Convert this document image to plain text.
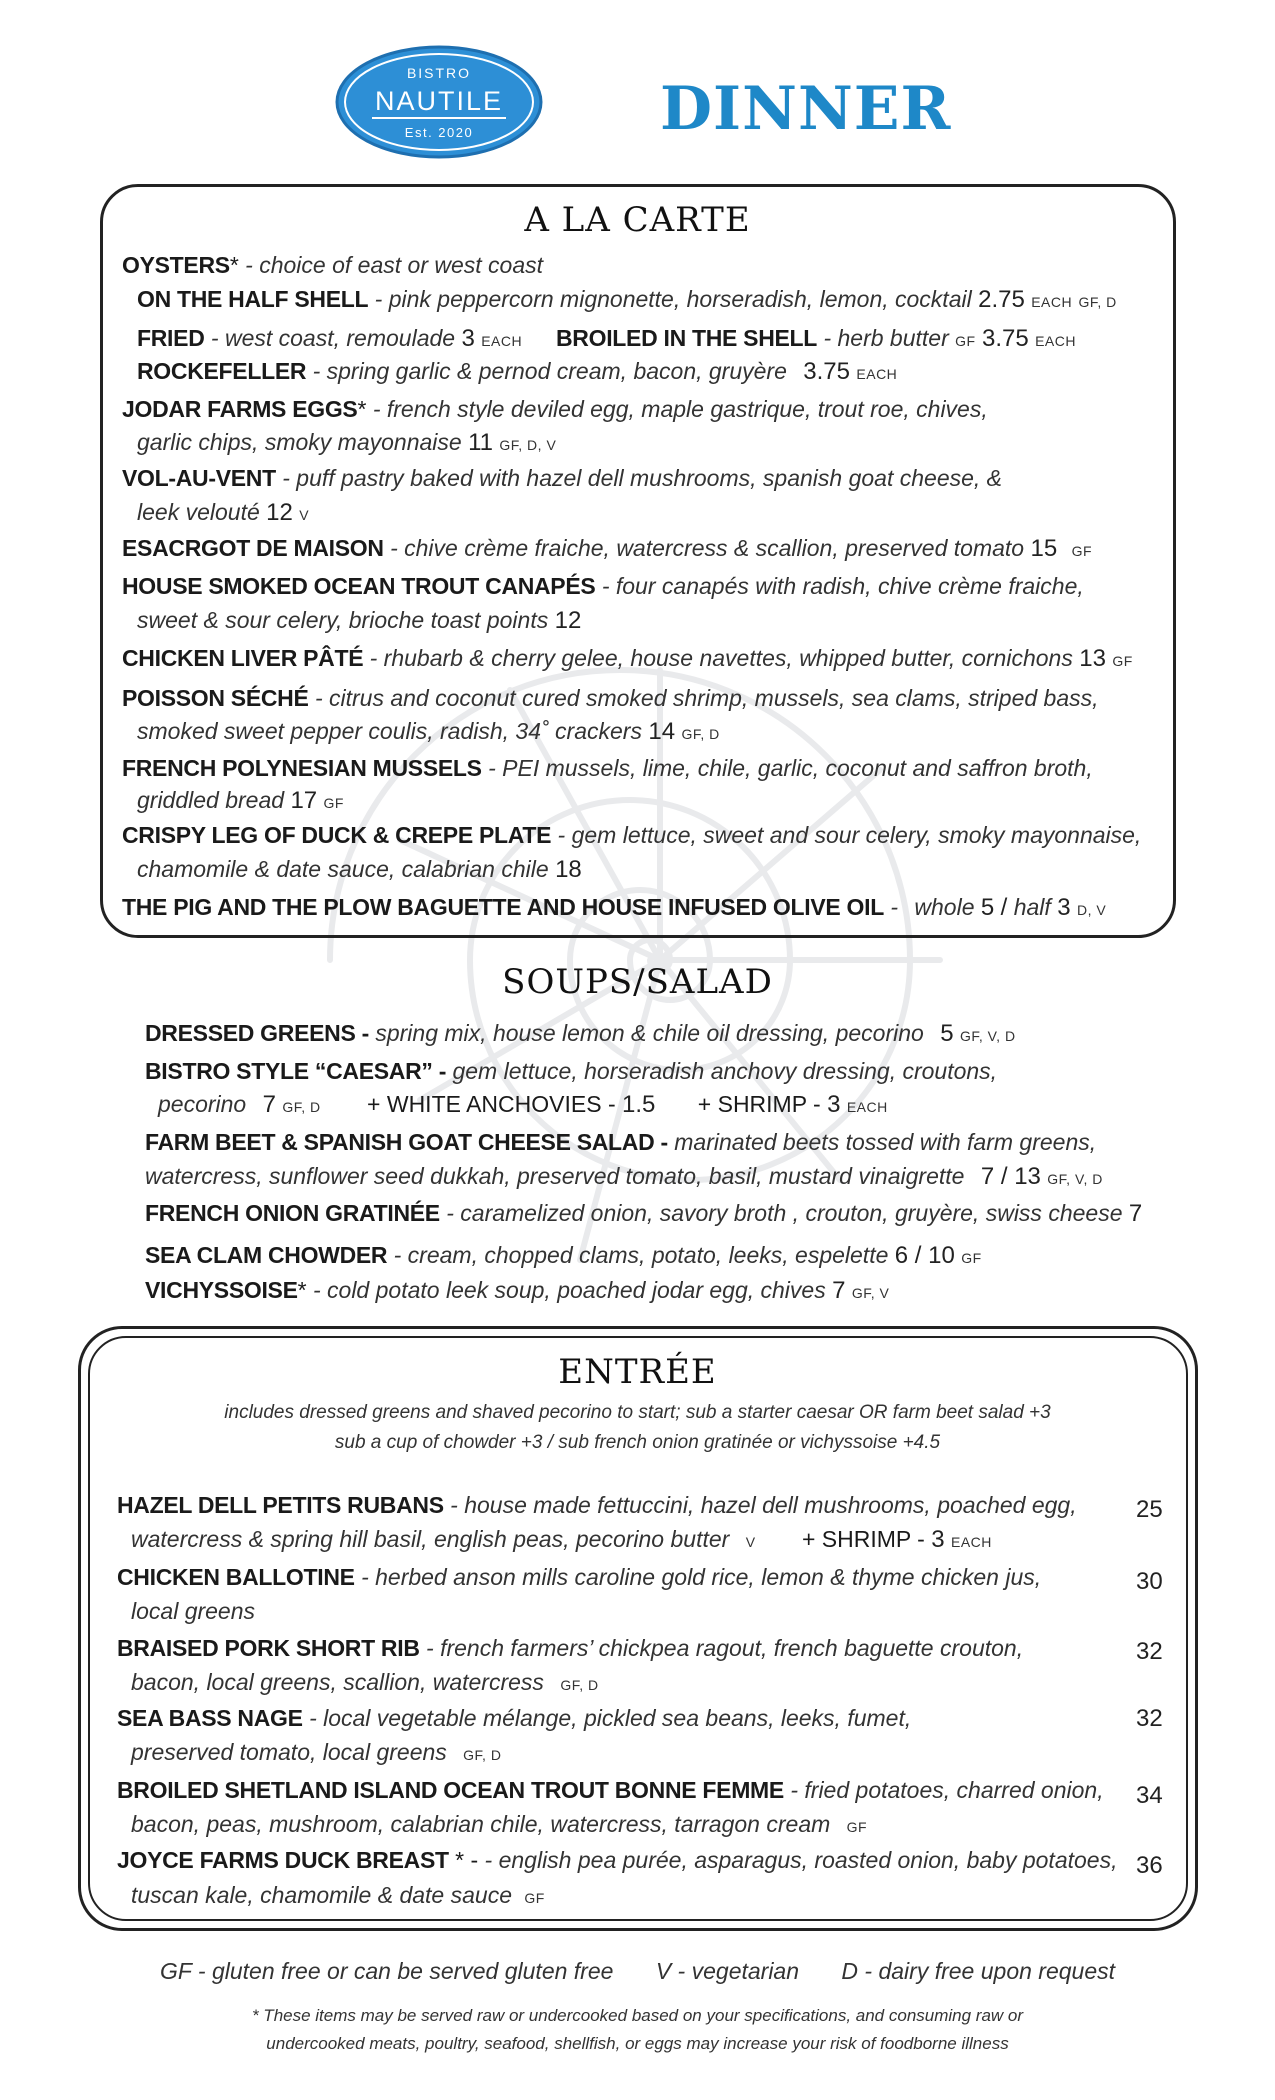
BISTRO
NAUTILE
Est. 2020	DINNER
A LA CARTE
OYSTERS* - choice of east or west coast
ON THE HALF SHELL - pink peppercorn mignonette, horseradish, lemon, cocktail 2.75 EACH GF, D
FRIED - west coast, remoulade 3 EACH BROILED IN THE SHELL - herb butter GF 3.75 EACH
ROCKEFELLER - spring garlic & pernod cream, bacon, gruyère 3.75 EACH
JODAR FARMS EGGS* - french style deviled egg, maple gastrique, trout roe, chives,
garlic chips, smoky mayonnaise 11 GF, D, V
VOL-AU-VENT - puff pastry baked with hazel dell mushrooms, spanish goat cheese, &
leek velouté 12 V
ESACRGOT DE MAISON - chive crème fraiche, watercress & scallion, preserved tomato 15 GF
HOUSE SMOKED OCEAN TROUT CANAPÉS - four canapés with radish, chive crème fraiche,
sweet & sour celery, brioche toast points 12
CHICKEN LIVER PÂTÉ - rhubarb & cherry gelee, house navettes, whipped butter, cornichons 13 GF
POISSON SÉCHÉ - citrus and coconut cured smoked shrimp, mussels, sea clams, striped bass,
smoked sweet pepper coulis, radish, 34˚ crackers 14 GF, D
FRENCH POLYNESIAN MUSSELS - PEI mussels, lime, chile, garlic, coconut and saffron broth,
griddled bread 17 GF
CRISPY LEG OF DUCK & CREPE PLATE - gem lettuce, sweet and sour celery, smoky mayonnaise,
chamomile & date sauce, calabrian chile 18
THE PIG AND THE PLOW BAGUETTE AND HOUSE INFUSED OLIVE OIL - whole 5 / half 3 D, V
SOUPS/SALAD
DRESSED GREENS - spring mix, house lemon & chile oil dressing, pecorino 5 GF, V, D
BISTRO STYLE “CAESAR” - gem lettuce, horseradish anchovy dressing, croutons,
pecorino 7 GF, D + WHITE ANCHOVIES - 1.5 + SHRIMP - 3 EACH
FARM BEET & SPANISH GOAT CHEESE SALAD - marinated beets tossed with farm greens,
watercress, sunflower seed dukkah, preserved tomato, basil, mustard vinaigrette 7 / 13 GF, V, D
FRENCH ONION GRATINÉE - caramelized onion, savory broth , crouton, gruyère, swiss cheese 7
SEA CLAM CHOWDER - cream, chopped clams, potato, leeks, espelette 6 / 10 GF
VICHYSSOISE* - cold potato leek soup, poached jodar egg, chives 7 GF, V
ENTRÉE
includes dressed greens and shaved pecorino to start; sub a starter caesar OR farm beet salad +3
sub a cup of chowder +3 / sub french onion gratinée or vichyssoise +4.5
HAZEL DELL PETITS RUBANS - house made fettuccini, hazel dell mushrooms, poached egg,
watercress & spring hill basil, english peas, pecorino butter V + SHRIMP - 3 EACH
25
CHICKEN BALLOTINE - herbed anson mills caroline gold rice, lemon & thyme chicken jus,
local greens
30
BRAISED PORK SHORT RIB - french farmers’ chickpea ragout, french baguette crouton,
bacon, local greens, scallion, watercress GF, D
32
SEA BASS NAGE - local vegetable mélange, pickled sea beans, leeks, fumet,
preserved tomato, local greens GF, D
32
BROILED SHETLAND ISLAND OCEAN TROUT BONNE FEMME - fried potatoes, charred onion,
bacon, peas, mushroom, calabrian chile, watercress, tarragon cream GF
34
JOYCE FARMS DUCK BREAST * - - english pea purée, asparagus, roasted onion, baby potatoes,
tuscan kale, chamomile & date sauce GF
36
GF - gluten free or can be served gluten free V - vegetarian D - dairy free upon request
* These items may be served raw or undercooked based on your specifications, and consuming raw or
undercooked meats, poultry, seafood, shellfish, or eggs may increase your risk of foodborne illness
